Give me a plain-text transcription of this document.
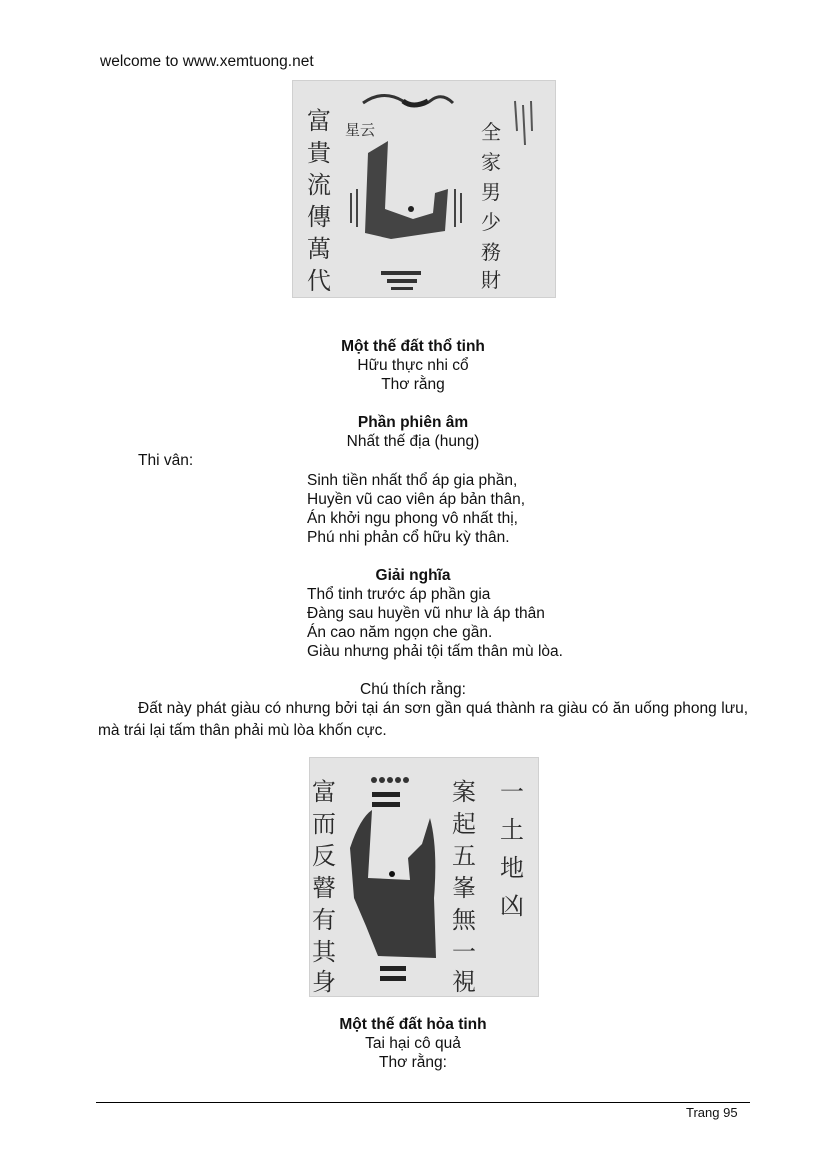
welcome to www.xemtuong.net
星云
富
貴
流
傳
萬
代
全
家
男
少
務
財
Một thế đất thổ tinh
Hữu thực nhi cổ
Thơ rằng
Phần phiên âm
Nhất thế địa (hung)
Thi vân:
Sinh tiền nhất thổ áp gia phần,
Huyền vũ cao viên áp bản thân,
Án khởi ngu phong vô nhất thị,
Phú nhi phản cổ hữu kỳ thân.
Giải nghĩa
Thổ tinh trước áp phần gia
Đàng sau huyền vũ như là áp thân
Án cao năm ngọn che gần.
Giàu nhưng phải tội tấm thân mù lòa.
Chú thích rằng:
Đất này phát giàu có nhưng bởi tại án sơn gần quá thành ra giàu có ăn uống phong lưu, mà trái lại tấm thân phải mù lòa khốn cực.
富
而
反
瞽
有
其
身
案
起
五
峯
無
一
視
一
土
地
凶
Một thế đất hỏa tinh
Tai hại cô quả
Thơ rằng:
Trang 95
